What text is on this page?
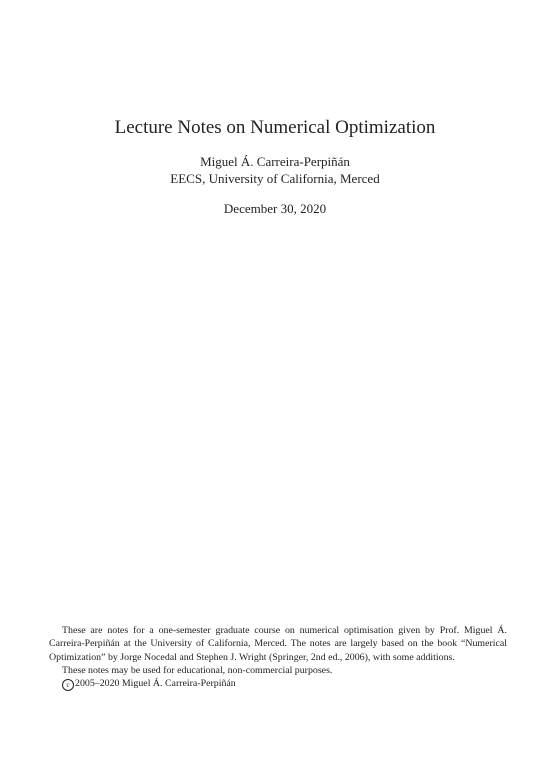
Lecture Notes on Numerical Optimization
Miguel Á. Carreira-Perpiñán
EECS, University of California, Merced
December 30, 2020

These are notes for a one-semester graduate course on numerical optimisation given by Prof. Miguel Á. Carreira-Perpiñán at the University of California, Merced. The notes are largely based on the book “Numerical Optimization” by Jorge Nocedal and Stephen J. Wright (Springer, 2nd ed., 2006), with some additions.

These notes may be used for educational, non-commercial purposes.

c 2005–2020 Miguel Á. Carreira-Perpiñán
